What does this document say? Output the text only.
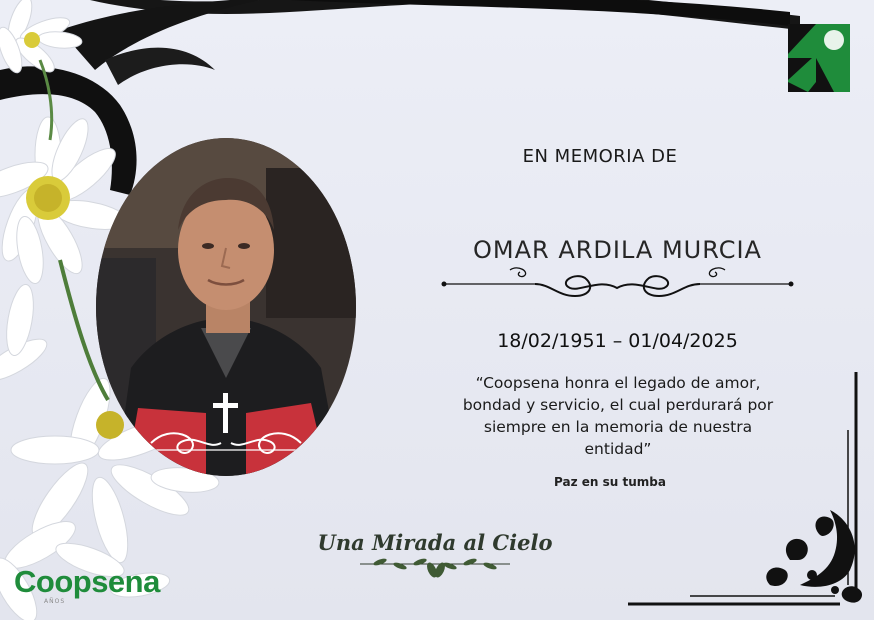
EN MEMORIA DE
OMAR ARDILA MURCIA
18/02/1951 – 01/04/2025
“Coopsena honra el legado de amor, bondad y servicio, el cual perdurará por siempre en la memoria de nuestra entidad”
Paz en su tumba
Una Mirada al Cielo
Coopsena
AÑOS
